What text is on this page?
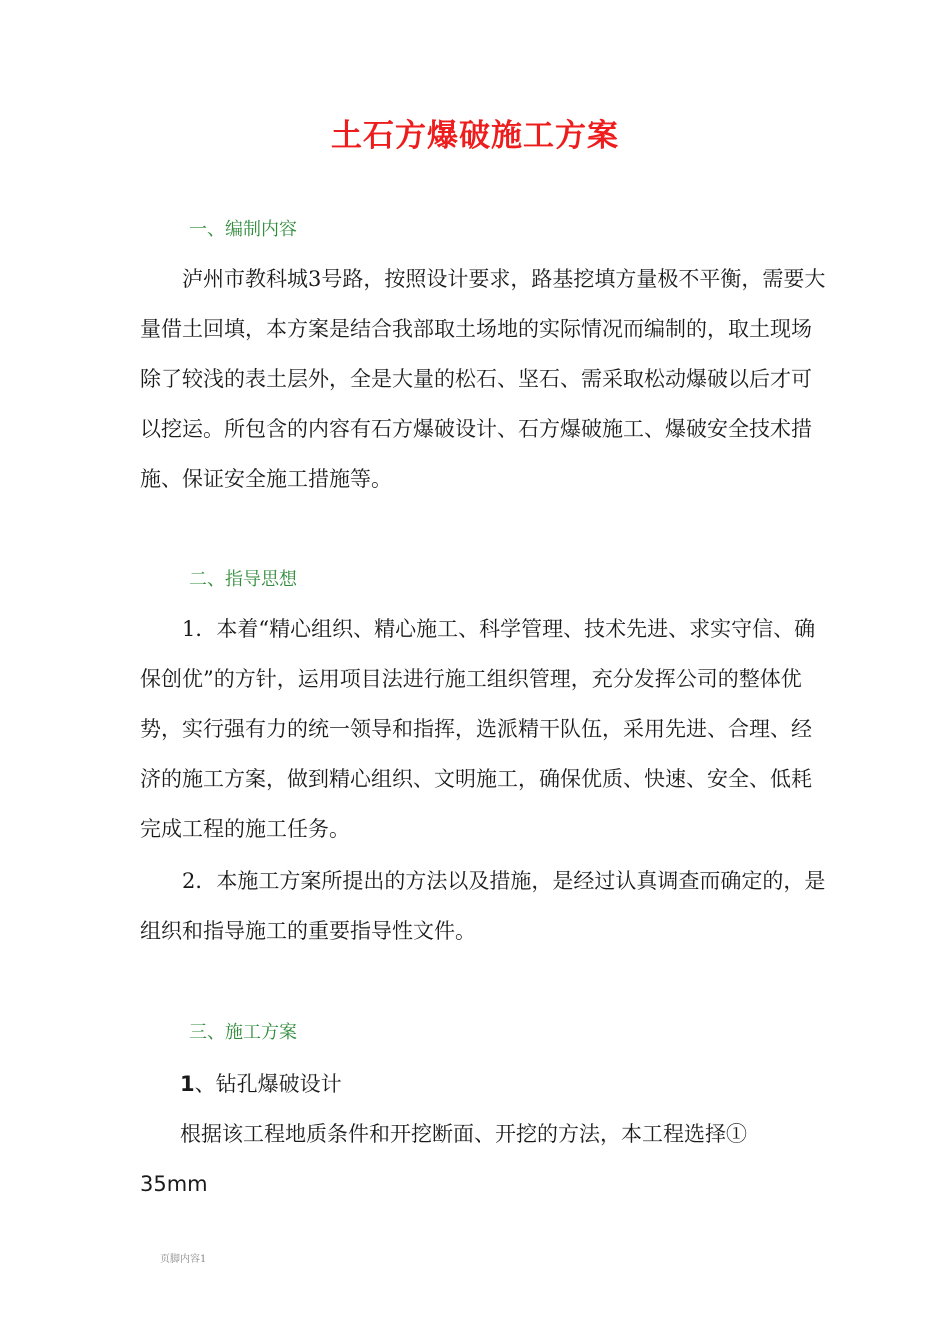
土石方爆破施工方案
一、编制内容

泸州市教科城3号路，按照设计要求，路基挖填方量极不平衡，需要大量借土回填，本方案是结合我部取土场地的实际情况而编制的，取土现场除了较浅的表土层外，全是大量的松石、坚石、需采取松动爆破以后才可以挖运。所包含的内容有石方爆破设计、石方爆破施工、爆破安全技术措施、保证安全施工措施等。

二、指导思想

1．本着“精心组织、精心施工、科学管理、技术先进、求实守信、确保创优”的方针，运用项目法进行施工组织管理，充分发挥公司的整体优势，实行强有力的统一领导和指挥，选派精干队伍，采用先进、合理、经济的施工方案，做到精心组织、文明施工，确保优质、快速、安全、低耗完成工程的施工任务。

2．本施工方案所提出的方法以及措施，是经过认真调查而确定的，是组织和指导施工的重要指导性文件。

三、施工方案
1、钻孔爆破设计
根据该工程地质条件和开挖断面、开挖的方法，本工程选择①
35mm
页脚内容1
